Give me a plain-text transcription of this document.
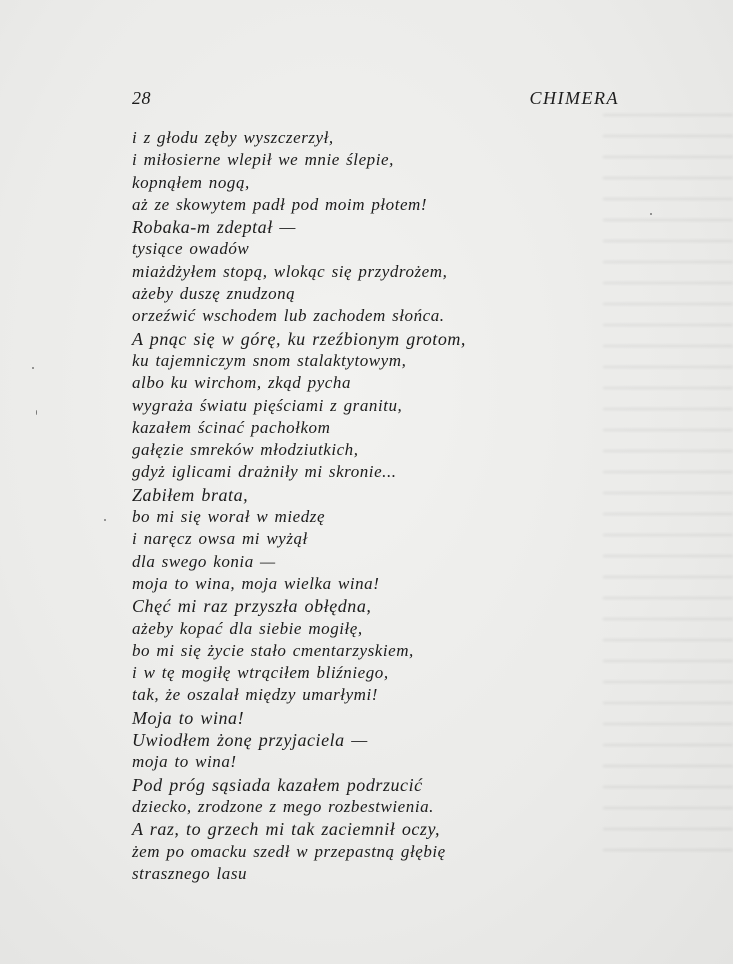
28	CHIMERA
i z głodu zęby wyszczerzył,
i miłosierne wlepił we mnie ślepie,
kopnąłem nogą,
aż ze skowytem padł pod moim płotem!
Robaka-m zdeptał —
tysiące owadów
miażdżyłem stopą, wlokąc się przydrożem,
ażeby duszę znudzoną
orzeźwić wschodem lub zachodem słońca.
A pnąc się w górę, ku rzeźbionym grotom,
ku tajemniczym snom stalaktytowym,
albo ku wirchom, zkąd pycha
wygraża światu pięściami z granitu,
kazałem ścinać pachołkom
gałęzie smreków młodziutkich,
gdyż iglicami drażniły mi skronie...
Zabiłem brata,
bo mi się worał w miedzę
i naręcz owsa mi wyżął
dla swego konia —
moja to wina, moja wielka wina!
Chęć mi raz przyszła obłędna,
ażeby kopać dla siebie mogiłę,
bo mi się życie stało cmentarzyskiem,
i w tę mogiłę wtrąciłem bliźniego,
tak, że oszalał między umarłymi!
Moja to wina!
Uwiodłem żonę przyjaciela —
moja to wina!
Pod próg sąsiada kazałem podrzucić
dziecko, zrodzone z mego rozbestwienia.
A raz, to grzech mi tak zaciemnił oczy,
żem po omacku szedł w przepastną głębię
strasznego lasu
